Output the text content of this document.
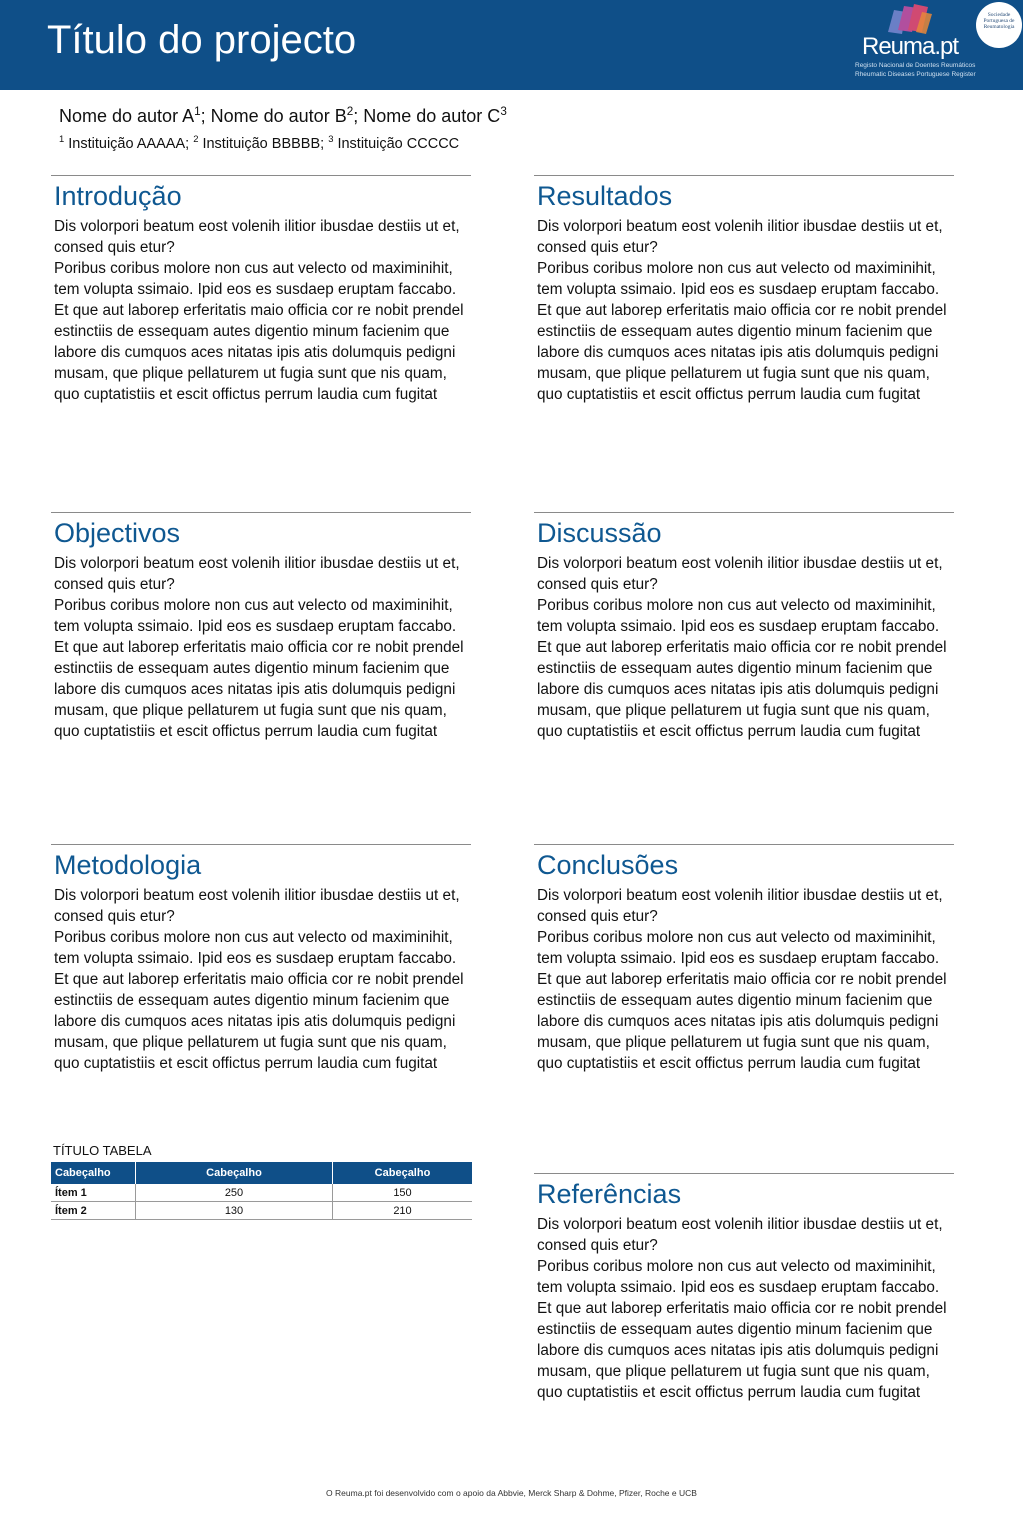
Título do projecto	Reuma.pt
Registo Nacional de Doentes Reumáticos
Rheumatic Diseases Portuguese Register
Sociedade
Portuguesa de
Reumatologia
Nome do autor $A^1$; Nome do autor $B^2$; Nome do autor $C^3$
$^1$ Instituição AAAAA; $^2$ Instituição BBBBB; $^3$ Instituição CCCCC
Introdução

Dis volorpori beatum eost volenih ilitior ibusdae destiis ut et, consed quis etur?
Poribus coribus molore non cus aut velecto od maximinihit, tem volupta ssimaio. Ipid eos es susdaep eruptam faccabo. Et que aut laborep erferitatis maio officia cor re nobit prendel estinctiis de essequam autes digentio minum facienim que labore dis cumquos aces nitatas ipis atis dolumquis pedigni musam, que plique pellaturem ut fugia sunt que nis quam, quo cuptatistiis et escit offictus perrum laudia cum fugitat

Objectivos

Dis volorpori beatum eost volenih ilitior ibusdae destiis ut et, consed quis etur?
Poribus coribus molore non cus aut velecto od maximinihit, tem volupta ssimaio. Ipid eos es susdaep eruptam faccabo. Et que aut laborep erferitatis maio officia cor re nobit prendel estinctiis de essequam autes digentio minum facienim que labore dis cumquos aces nitatas ipis atis dolumquis pedigni musam, que plique pellaturem ut fugia sunt que nis quam, quo cuptatistiis et escit offictus perrum laudia cum fugitat

Metodologia

Dis volorpori beatum eost volenih ilitior ibusdae destiis ut et, consed quis etur?
Poribus coribus molore non cus aut velecto od maximinihit, tem volupta ssimaio. Ipid eos es susdaep eruptam faccabo. Et que aut laborep erferitatis maio officia cor re nobit prendel estinctiis de essequam autes digentio minum facienim que labore dis cumquos aces nitatas ipis atis dolumquis pedigni musam, que plique pellaturem ut fugia sunt que nis quam, quo cuptatistiis et escit offictus perrum laudia cum fugitat

TÍTULO TABELA
Cabeçalho	Cabeçalho	Cabeçalho
Ítem 1	250	150
Ítem 2	130	210
Resultados

Dis volorpori beatum eost volenih ilitior ibusdae destiis ut et, consed quis etur?
Poribus coribus molore non cus aut velecto od maximinihit, tem volupta ssimaio. Ipid eos es susdaep eruptam faccabo. Et que aut laborep erferitatis maio officia cor re nobit prendel estinctiis de essequam autes digentio minum facienim que labore dis cumquos aces nitatas ipis atis dolumquis pedigni musam, que plique pellaturem ut fugia sunt que nis quam, quo cuptatistiis et escit offictus perrum laudia cum fugitat

Discussão

Dis volorpori beatum eost volenih ilitior ibusdae destiis ut et, consed quis etur?
Poribus coribus molore non cus aut velecto od maximinihit, tem volupta ssimaio. Ipid eos es susdaep eruptam faccabo. Et que aut laborep erferitatis maio officia cor re nobit prendel estinctiis de essequam autes digentio minum facienim que labore dis cumquos aces nitatas ipis atis dolumquis pedigni musam, que plique pellaturem ut fugia sunt que nis quam, quo cuptatistiis et escit offictus perrum laudia cum fugitat

Conclusões

Dis volorpori beatum eost volenih ilitior ibusdae destiis ut et, consed quis etur?
Poribus coribus molore non cus aut velecto od maximinihit, tem volupta ssimaio. Ipid eos es susdaep eruptam faccabo. Et que aut laborep erferitatis maio officia cor re nobit prendel estinctiis de essequam autes digentio minum facienim que labore dis cumquos aces nitatas ipis atis dolumquis pedigni musam, que plique pellaturem ut fugia sunt que nis quam, quo cuptatistiis et escit offictus perrum laudia cum fugitat

Referências

Dis volorpori beatum eost volenih ilitior ibusdae destiis ut et, consed quis etur?
Poribus coribus molore non cus aut velecto od maximinihit, tem volupta ssimaio. Ipid eos es susdaep eruptam faccabo. Et que aut laborep erferitatis maio officia cor re nobit prendel estinctiis de essequam autes digentio minum facienim que labore dis cumquos aces nitatas ipis atis dolumquis pedigni musam, que plique pellaturem ut fugia sunt que nis quam, quo cuptatistiis et escit offictus perrum laudia cum fugitat

O Reuma.pt foi desenvolvido com o apoio da Abbvie, Merck Sharp & Dohme, Pfizer, Roche e UCB
